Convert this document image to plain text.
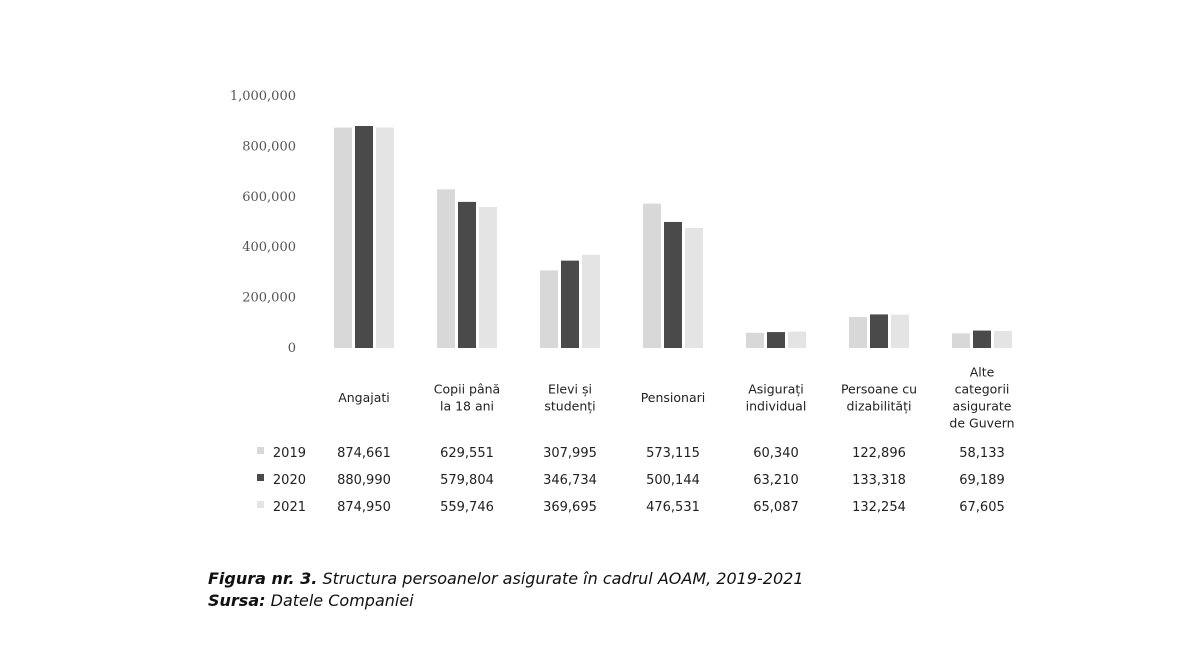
0
200,000
400,000
600,000
800,000
1,000,000
Angajati
Copii până
la 18 ani
Elevi și
studenți
Pensionari
Asigurați
individual
Persoane cu
dizabilități
Alte
categorii
asigurate
de Guvern
2019 874,661	629,551	307,995	573,115	60,340	122,896	58,133
2020 880,990	579,804	346,734	500,144	63,210	133,318	69,189
2021 874,950	559,746	369,695	476,531	65,087	132,254	67,605
Figura nr. 3. Structura persoanelor asigurate în cadrul AOAM, 2019-2021
Sursa: Datele Companiei
